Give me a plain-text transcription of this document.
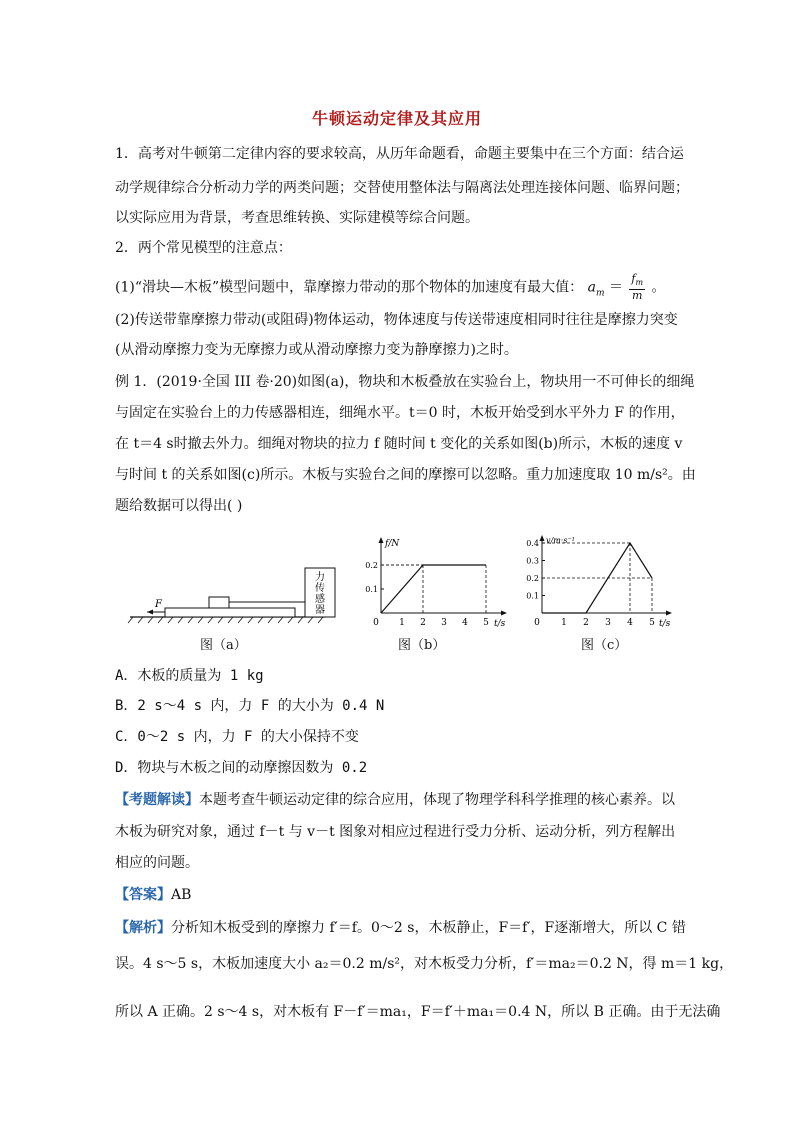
牛顿运动定律及其应用
1．高考对牛顿第二定律内容的要求较高，从历年命题看，命题主要集中在三个方面：结合运
动学规律综合分析动力学的两类问题；交替使用整体法与隔离法处理连接体问题、临界问题；
以实际应用为背景，考查思维转换、实际建模等综合问题。
2．两个常见模型的注意点：
(1)“滑块—木板”模型问题中，靠摩擦力带动的那个物体的加速度有最大值： $a_m = \frac{f_m}{m}$ 。
(2)传送带靠摩擦力带动(或阻碍)物体运动，物体速度与传送带速度相同时往往是摩擦力突变
(从滑动摩擦力变为无摩擦力或从滑动摩擦力变为静摩擦力)之时。
例 1．(2019·全国 III 卷·20)如图(a)，物块和木板叠放在实验台上，物块用一不可伸长的细绳
与固定在实验台上的力传感器相连，细绳水平。t＝0 时，木板开始受到水平外力 F 的作用，
在 t＝4 s时撤去外力。细绳对物块的拉力 f 随时间 t 变化的关系如图(b)所示，木板的速度 v
与时间 t 的关系如图(c)所示。木板与实验台之间的摩擦可以忽略。重力加速度取 10 m/s²。由
题给数据可以得出( )
力
传
感
器
F
f/N
t/s
0 1 2 3 4 5
0.1
0.2
v/m·s⁻¹
t/s
0 1 2 3 4 5
0.1
0.2
0.3
0.4
图（a）	图（b）	图（c）
A．木板的质量为 1 kg
B．2 s～4 s 内，力 F 的大小为 0.4 N
C．0～2 s 内，力 F 的大小保持不变
D．物块与木板之间的动摩擦因数为 0.2
【考题解读】本题考查牛顿运动定律的综合应用，体现了物理学科科学推理的核心素养。以
木板为研究对象，通过 f－t 与 v－t 图象对相应过程进行受力分析、运动分析，列方程解出
相应的问题。
【答案】AB
【解析】分析知木板受到的摩擦力 f′＝f。0～2 s，木板静止，F＝f′，F逐渐增大，所以 C 错
误。4 s～5 s，木板加速度大小 a₂＝0.2 m/s²，对木板受力分析，f′＝ma₂＝0.2 N，得 m＝1 kg，
所以 A 正确。2 s～4 s，对木板有 F－f′＝ma₁，F＝f′＋ma₁＝0.4 N，所以 B 正确。由于无法确
